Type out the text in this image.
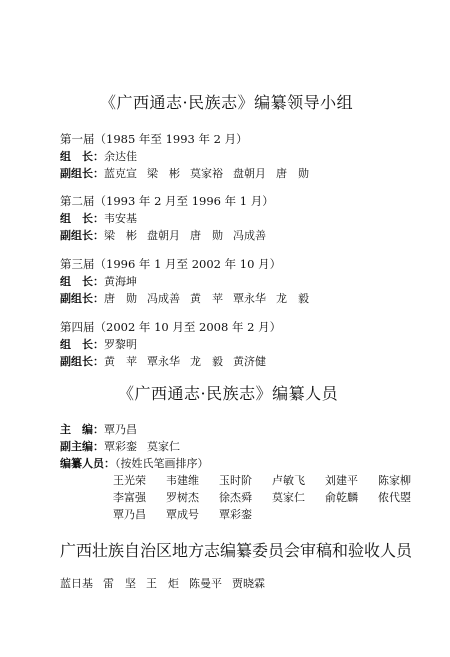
《广西通志·民族志》编纂领导小组
第一届（1985 年至 1993 年 2 月）
组　长：余达佳
副组长：蓝克宣 梁　彬 莫家裕 盘朝月 唐　勋
第二届（1993 年 2 月至 1996 年 1 月）
组　长：韦安基
副组长：梁　彬 盘朝月 唐　勋 冯成善
第三届（1996 年 1 月至 2002 年 10 月）
组　长：黄海坤
副组长：唐　勋 冯成善 黄　苹 覃永华 龙　毅
第四届（2002 年 10 月至 2008 年 2 月）
组　长：罗黎明
副组长：黄　苹 覃永华 龙　毅 黄济健
《广西通志·民族志》编纂人员
主　编：覃乃昌
副主编：覃彩銮 莫家仁
编纂人员：（按姓氏笔画排序）
王光荣 韦建维 玉时阶 卢敏飞 刘建平 陈家柳
李富强 罗树杰 徐杰舜 莫家仁 俞乾麟 侬代曌
覃乃昌 覃成号 覃彩銮
广西壮族自治区地方志编纂委员会审稿和验收人员
蓝日基 雷　坚 王　炬 陈曼平 贾晓霖
